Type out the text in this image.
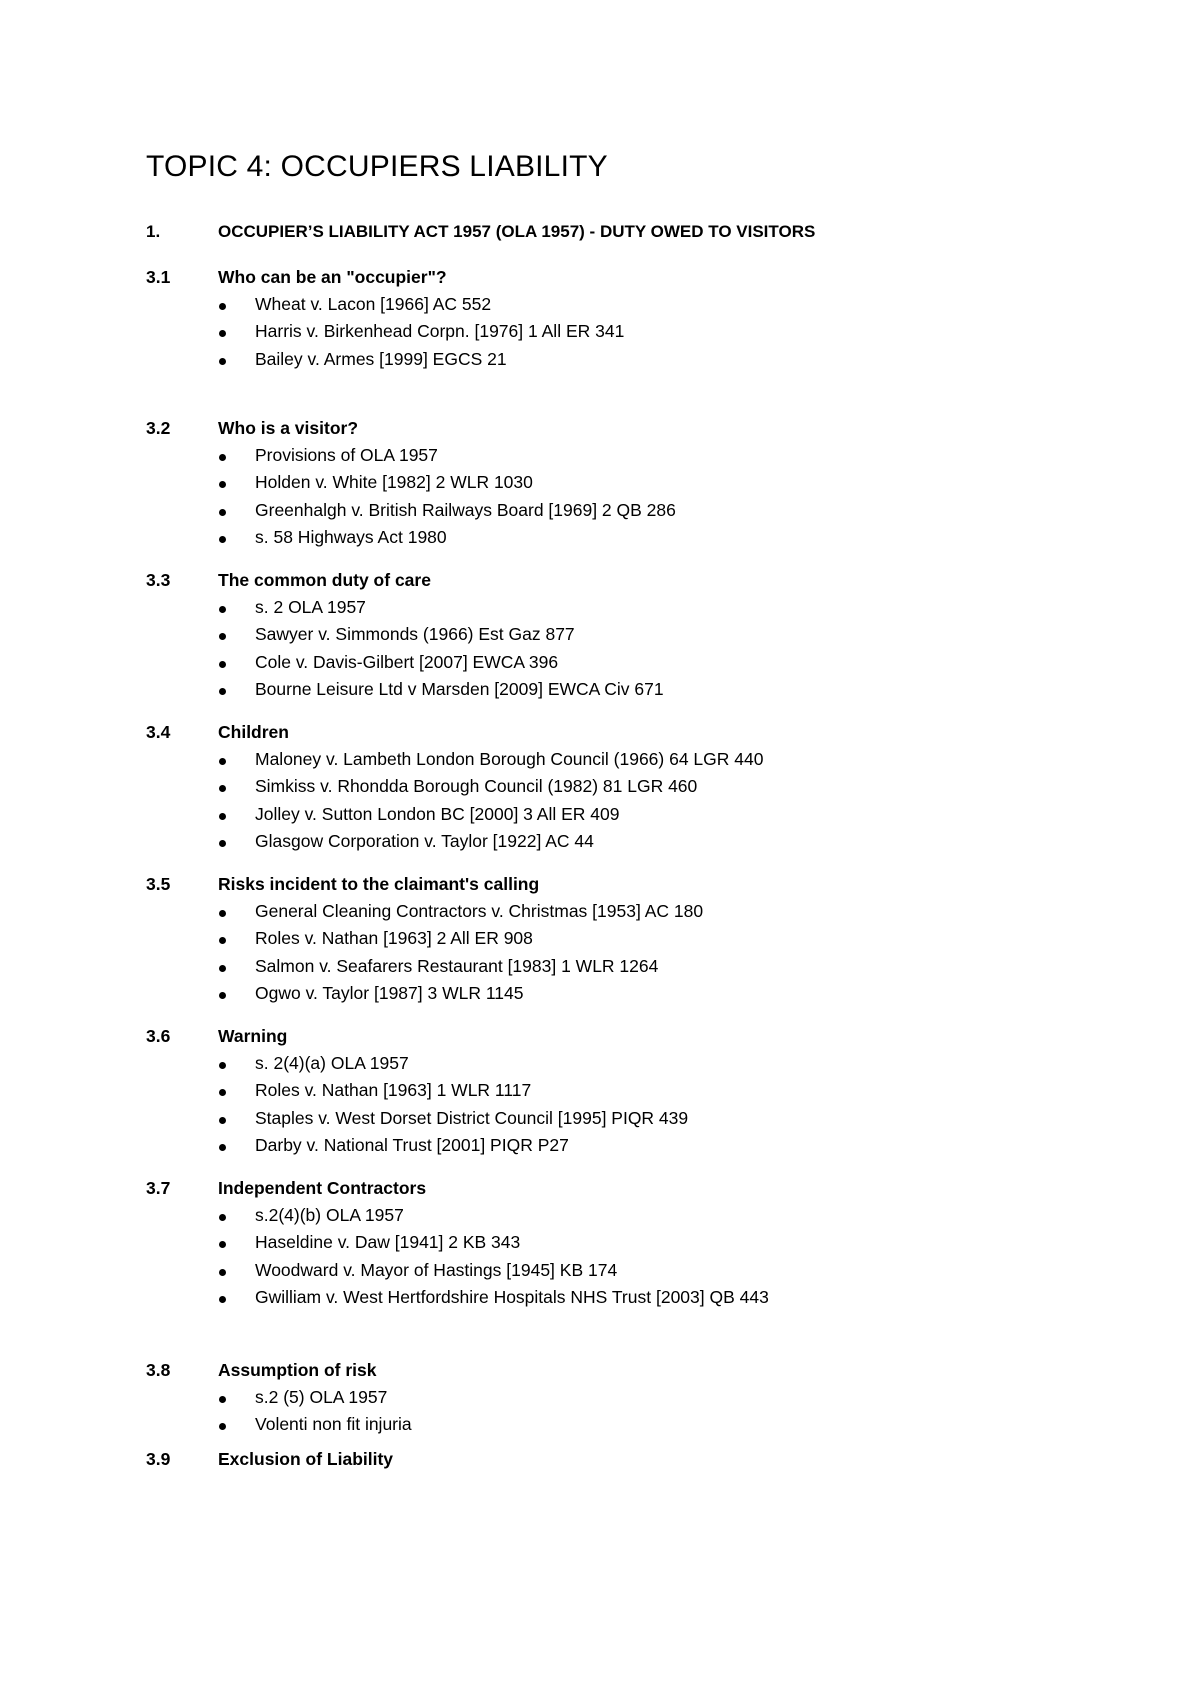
TOPIC 4: OCCUPIERS LIABILITY
1.	OCCUPIER’S LIABILITY ACT 1957 (OLA 1957) - DUTY OWED TO VISITORS
3.1	Who can be an "occupier"?
Wheat v. Lacon [1966] AC 552
Harris v. Birkenhead Corpn. [1976] 1 All ER 341
Bailey v. Armes [1999] EGCS 21
3.2	Who is a visitor?
Provisions of OLA 1957
Holden v. White [1982] 2 WLR 1030
Greenhalgh v. British Railways Board [1969] 2 QB 286
s. 58 Highways Act 1980
3.3	The common duty of care
s. 2 OLA 1957
Sawyer v. Simmonds (1966) Est Gaz 877
Cole v. Davis-Gilbert [2007] EWCA 396
Bourne Leisure Ltd v Marsden [2009] EWCA Civ 671
3.4	Children
Maloney v. Lambeth London Borough Council (1966) 64 LGR 440
Simkiss v. Rhondda Borough Council (1982) 81 LGR 460
Jolley v. Sutton London BC [2000] 3 All ER 409
Glasgow Corporation v. Taylor [1922] AC 44
3.5	Risks incident to the claimant's calling
General Cleaning Contractors v. Christmas [1953] AC 180
Roles v. Nathan [1963] 2 All ER 908
Salmon v. Seafarers Restaurant [1983] 1 WLR 1264
Ogwo v. Taylor [1987] 3 WLR 1145
3.6	Warning
s. 2(4)(a) OLA 1957
Roles v. Nathan [1963] 1 WLR 1117
Staples v. West Dorset District Council [1995] PIQR 439
Darby v. National Trust [2001] PIQR P27
3.7	Independent Contractors
s.2(4)(b) OLA 1957
Haseldine v. Daw [1941] 2 KB 343
Woodward v. Mayor of Hastings [1945] KB 174
Gwilliam v. West Hertfordshire Hospitals NHS Trust [2003] QB 443
3.8	Assumption of risk
s.2 (5) OLA 1957
Volenti non fit injuria
3.9	Exclusion of Liability
